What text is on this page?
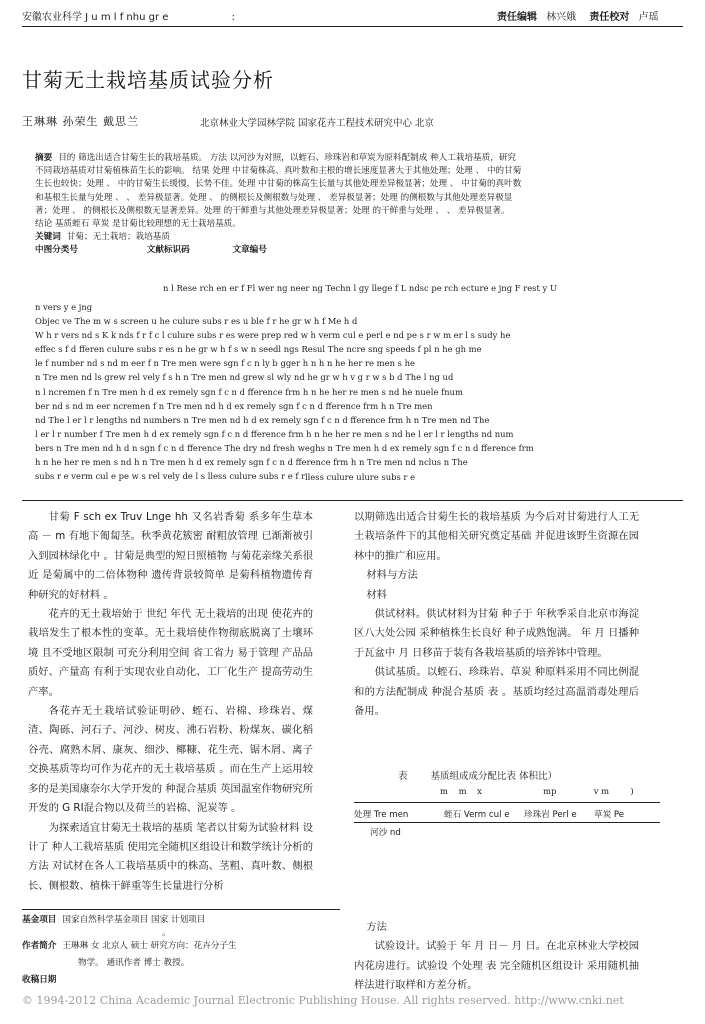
安徽农业科学 J u m l f nhu gr e	:	责任编辑 林兴娥 责任校对 卢瑶
甘菊无土栽培基质试验分析
王琳琳 孙荣生 戴思兰	北京林业大学园林学院 国家花卉工程技术研究中心 北京
摘要 目的 筛选出适合甘菊生长的栽培基质。 方法 以河沙为对照，以蛭石、珍珠岩和草炭为原料配制成 种人工栽培基质，研究
不同栽培基质对甘菊植株苗生长的影响。 结果 处理 中甘菊株高、真叶数和主根的增长速度显著大于其他处理；处理 、 中的甘菊
生长也较快；处理 、 中的甘菊生长缓慢，长势不佳。处理 中甘菊的株高生长量与其他处理差异极显著；处理 、 中甘菊的真叶数
和基根生长量与处理 、 、 差异极显著。处理 、 的侧根长及侧根数与处理 、 差异极显著；处理 的侧根数与其他处理差异极显
著；处理 、 的侧根长及侧根数无显著差异。处理 的干鲜重与其他处理差异极显著；处理 的干鲜重与处理 、 、 差异极显著。
结论 基质蛭石 草炭 是甘菊比较理想的无土栽培基质。
关键词 甘菊；无土栽培；栽培基质
中图分类号	文献标识码	文章编号
n l Rese rch en er f Fl wer ng neer ng Techn l gy llege f L ndsc pe rch ecture e jng F rest y U
n vers y e jng
Objec ve The m w s screen u he culure subs r es u ble f r he gr w h f Me h d
W h r vers nd s K k nds f r f c l culure subs r es were prep red w h verm cul e perl e nd pe s r w m er l s sudy he
effec s f d fferen culure subs r es n he gr w h f s w n seedl ngs Resul The ncre sng speeds f pl n he gh me
le f number nd s nd m eer f n Tre men were sgn f c n ly b gger h n h n he her re men s he
n Tre men nd ls grew rel vely f s h n Tre men nd grew sl wly nd he gr w h v g r w s b d The l ng ud
n l ncremen f n Tre men h d ex remely sgn f c n d fference frm h n he her re men s nd he nuele fnum
ber nd s nd m eer ncremen f n Tre men nd h d ex remely sgn f c n d fference frm h n Tre men
nd The l er l r lengths nd numbers n Tre men nd h d ex remely sgn f c n d fference frm h n Tre men nd The
l er l r number f Tre men h d ex remely sgn f c n d fference frm h n he her re men s nd he l er l r lengths nd num
bers n Tre men nd h d n sgn f c n d fference The dry nd fresh weghs n Tre men h d ex remely sgn f c n d fference frm
h n he her re men s nd h n Tre men h d ex remely sgn f c n d fference frm h n Tre men nd nclus n The
subs r e verm cul e pe w s rel vely de l s lless culure subs r e f r lless culure ulure subs r e

甘菊 F sch ex Truv Lnge hh 又名岩香菊 系多年生草本 高 － m 有地下匍匐茎。秋季黄花簇密 耐粗放管理 已渐渐被引入到园林绿化中 。甘菊是典型的短日照植物 与菊花亲缘关系很近 是菊属中的二倍体物种 遗传背景较简单 是菊科植物遗传育种研究的好材料 。

花卉的无土栽培始于 世纪 年代 无土栽培的出现 使花卉的栽培发生了根本性的变革。无土栽培使作物彻底脱离了土壤环境 且不受地区限制 可充分利用空间 省工省力 易于管理 产品品质好、产量高 有利于实现农业自动化、工厂化生产 提高劳动生产率。

各花卉无土栽培试验证明砂、蛭石、岩棉、珍珠岩、煤渣、陶砾、河石子、河沙、树皮、沸石岩粉、粉煤灰、碳化稻谷壳、腐熟木屑、康灰、细沙、椰糠、花生壳、锯木屑、离子交换基质等均可作为花卉的无土栽培基质 。而在生产上运用较多的是美国康奈尔大学开发的 种混合基质 英国温室作物研究所开发的 G RI混合物以及荷兰的岩棉、泥炭等 。

为探索适宜甘菊无土栽培的基质 笔者以甘菊为试验材料 设计了 种人工栽培基质 使用完全随机区组设计和数学统计分析的方法 对试材在各人工栽培基质中的株高、茎粗、真叶数、侧根长、侧根数、植株干鲜重等生长量进行分析

基金项目 国家自然科学基金项目 国家 计划项目
。
作者简介 王琳琳 女 北京人 硕士 研究方向：花卉分子生
物学。 通讯作者 博士 教授。
收稿日期

以期筛选出适合甘菊生长的栽培基质 为今后对甘菊进行人工无土栽培条件下的其他相关研究奠定基础 并促进该野生资源在园林中的推广和应用。

材料与方法

材料

供试材料。供试材料为甘菊 种子于 年秋季采自北京市海淀区八大处公园 采种植株生长良好 种子成熟饱满。 年 月 日播种于瓦盆中 月 日移苗于装有各栽培基质的培养钵中管理。

供试基质。以蛭石、珍珠岩、草炭 种原料采用不同比例混和的方法配制成 种混合基质 表 。基质均经过高温消毒处理后备用。

表 基质组成成分配比表 体积比）
m    m    x                       mp              v m        )
处理 Tre men	蛭石 Verm cul e	珍珠岩 Perl e	草炭 Pe
河沙 nd

方法

试验设计。试验于 年 月 日－ 月 日。在北京林业大学校园内花房进行。试验设 个处理 表 完全随机区组设计 采用随机抽样法进行取样和方差分析。

© 1994-2012 China Academic Journal Electronic Publishing House. All rights reserved. http://www.cnki.net
